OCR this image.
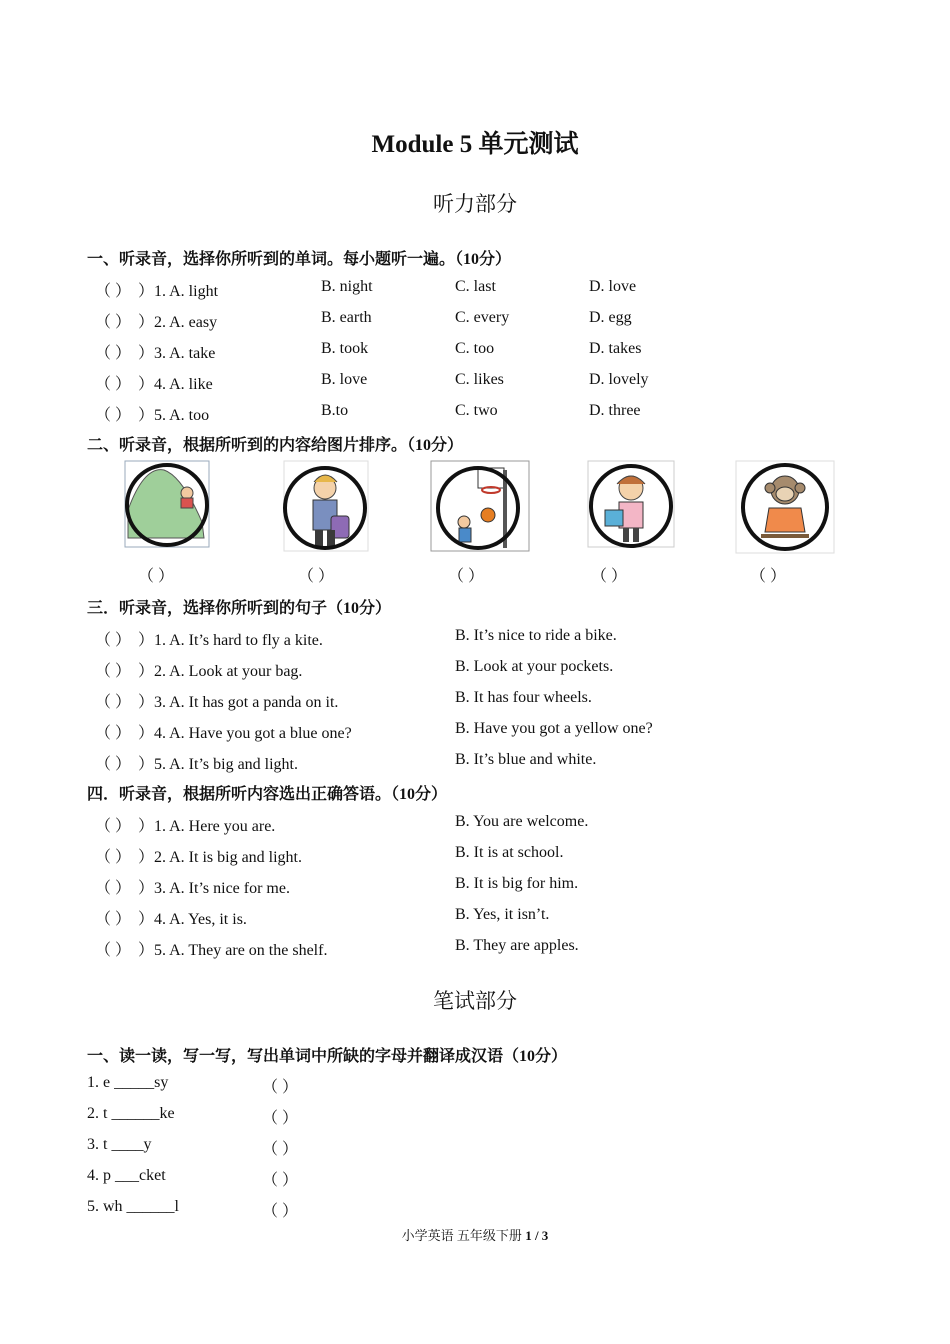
Module 5 单元测试
听力部分
一、听录音，选择你所听到的单词。每小题听一遍。（10分）
（ ） ）1. A. light	B. night	C. last	D. love
（ ） ）2. A. easy	B. earth	C. every	D. egg
（ ） ）3. A. take	B. took	C. too	D. takes
（ ） ）4. A. like	B. love	C. likes	D. lovely
（ ） ）5. A. too	B.to	C. two	D. three
二、听录音，根据所听到的内容给图片排序。（10分）
（ ）	（ ）	（ ）	（ ）	（ ）
三．听录音，选择你所听到的句子（10分）
（ ） ）1. A. It’s hard to fly a kite.	B. It’s nice to ride a bike.
（ ） ）2. A. Look at your bag.	B. Look at your pockets.
（ ） ）3. A. It has got a panda on it.	B. It has four wheels.
（ ） ）4. A. Have you got a blue one?	B. Have you got a yellow one?
（ ） ）5. A. It’s big and light.	B. It’s blue and white.
四．听录音，根据所听内容选出正确答语。（10分）
（ ） ）1. A. Here you are.	B. You are welcome.
（ ） ）2. A. It is big and light.	B. It is at school.
（ ） ）3. A. It’s nice for me.	B. It is big for him.
（ ） ）4. A. Yes, it is.	B. Yes, it isn’t.
（ ） ）5. A. They are on the shelf.	B. They are apples.
笔试部分
一、读一读，写一写，写出单词中所缺的字母并翻译成汉语（10分）
1. e _____sy	（ ）
2. t ______ke	（ ）
3. t ____y	（ ）
4. p ___cket	（ ）
5. wh ______l	（ ）
小学英语 五年级下册 1 / 3
